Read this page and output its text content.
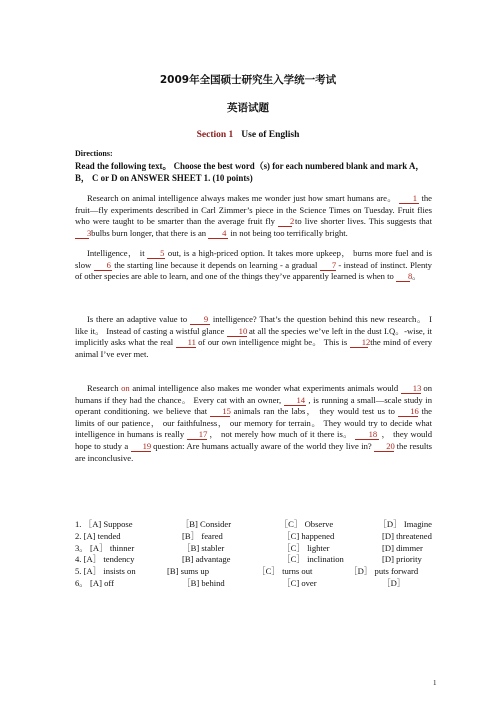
2009年全国硕士研究生入学统一考试
英语试题
Section 1 Use of English
Directions:
Read the following text。 Choose the best word（s) for each numbered blank and mark A， B， C or D on ANSWER SHEET 1. (10 points)

Research on animal intelligence always makes me wonder just how smart humans are。 1 the fruit—fly experiments described in Carl Zimmer’s piece in the Science Times on Tuesday. Fruit flies who were taught to be smarter than the average fruit fly 2 to live shorter lives. This suggests that 3 bulbs burn longer, that there is an 4 in not being too terrifically bright.

Intelligence， it 5 out, is a high-priced option. It takes more upkeep， burns more fuel and is slow 6 the starting line because it depends on learning - a gradual 7 - instead of instinct. Plenty of other species are able to learn, and one of the things they’ve apparently learned is when to 8 。

Is there an adaptive value to 9 intelligence? That’s the question behind this new research。 I like it。 Instead of casting a wistful glance 10 at all the species we’ve left in the dust I.Q。-wise, it implicitly asks what the real 11 of our own intelligence might be。 This is 12 the mind of every animal I’ve ever met.

Research on animal intelligence also makes me wonder what experiments animals would 13 on humans if they had the chance。 Every cat with an owner, 14 , is running a small—scale study in operant conditioning. we believe that 15 animals ran the labs， they would test us to 16 the limits of our patience， our faithfulness， our memory for terrain。 They would try to decide what intelligence in humans is really 17 ， not merely how much of it there is。 18 ， they would hope to study a 19 question: Are humans actually aware of the world they live in? 20 the results are inconclusive.

1. ［A] Suppose	［B] Consider	［C］ Observe	［D］ Imagine
2. [A] tended	[B］ feared	［C] happened	[D] threatened
3。 [A］ thinner	［B] stabler	［C］ lighter	[D] dimmer
4. [A］ tendency	[B] advantage	［C］ inclination	[D] priority
5. [A］ insists on	[B] sums up	［C］ turns out	［D］ puts forward
6。 [A] off	［B] behind	［C] over	［D］
1
